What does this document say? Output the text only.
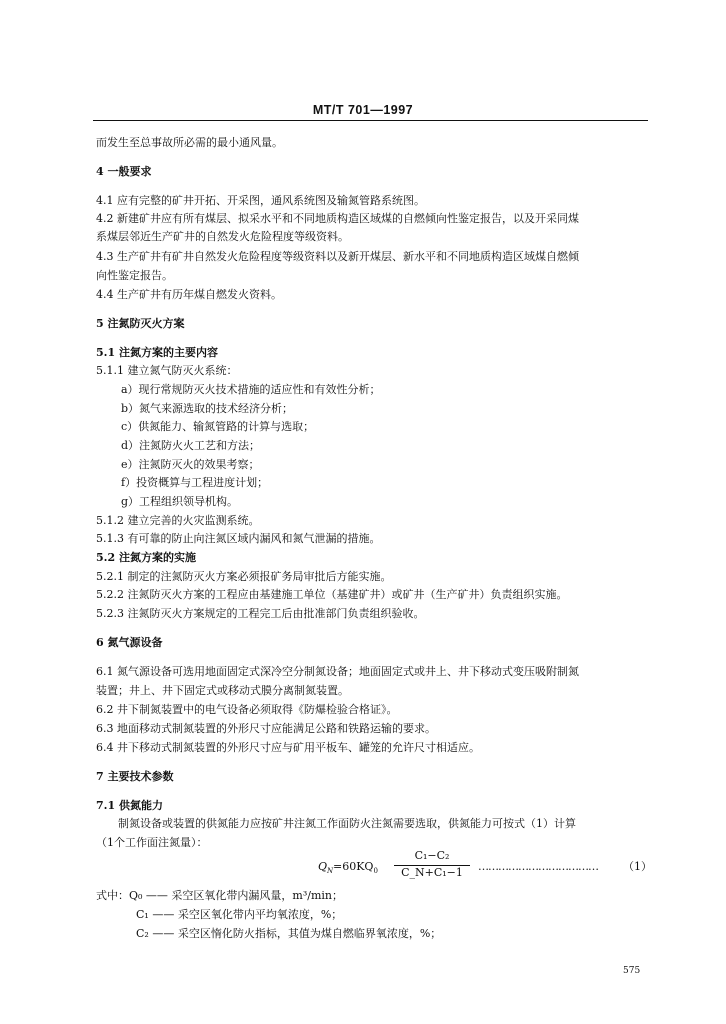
MT/T 701—1997
而发生至总事故所必需的最小通风量。
4 一般要求
4.1 应有完整的矿井开拓、开采图，通风系统图及输氮管路系统图。
4.2 新建矿井应有所有煤层、拟采水平和不同地质构造区域煤的自燃倾向性鉴定报告，以及开采同煤
系煤层邻近生产矿井的自然发火危险程度等级资料。
4.3 生产矿井有矿井自然发火危险程度等级资料以及新开煤层、新水平和不同地质构造区域煤自燃倾
向性鉴定报告。
4.4 生产矿井有历年煤自燃发火资料。
5 注氮防灭火方案
5.1 注氮方案的主要内容
5.1.1 建立氮气防灭火系统：
a）现行常规防灭火技术措施的适应性和有效性分析；
b）氮气来源选取的技术经济分析；
c）供氮能力、输氮管路的计算与选取；
d）注氮防火火工艺和方法；
e）注氮防灭火的效果考察；
f）投资概算与工程进度计划；
g）工程组织领导机构。
5.1.2 建立完善的火灾监测系统。
5.1.3 有可靠的防止向注氮区域内漏风和氮气泄漏的措施。
5.2 注氮方案的实施
5.2.1 制定的注氮防灭火方案必须报矿务局审批后方能实施。
5.2.2 注氮防灭火方案的工程应由基建施工单位（基建矿井）或矿井（生产矿井）负责组织实施。
5.2.3 注氮防灭火方案规定的工程完工后由批准部门负责组织验收。
6 氮气源设备
6.1 氮气源设备可选用地面固定式深冷空分制氮设备；地面固定式或井上、井下移动式变压吸附制氮
装置；井上、井下固定式或移动式膜分离制氮装置。
6.2 井下制氮装置中的电气设备必须取得《防爆检验合格证》。
6.3 地面移动式制氮装置的外形尺寸应能满足公路和铁路运输的要求。
6.4 井下移动式制氮装置的外形尺寸应与矿用平板车、罐笼的允许尺寸相适应。
7 主要技术参数
7.1 供氮能力
制氮设备或装置的供氮能力应按矿井注氮工作面防火注氮需要选取，供氮能力可按式（1）计算
（1个工作面注氮量）：
$Q_N =60KQ_0$
C₁−C₂
C_N+C₁−1	……………………………… （1）
式中：Q₀ —— 采空区氧化带内漏风量，m³/min；
C₁ —— 采空区氧化带内平均氧浓度，%；
C₂ —— 采空区惰化防火指标，其值为煤自燃临界氧浓度，%；
575
